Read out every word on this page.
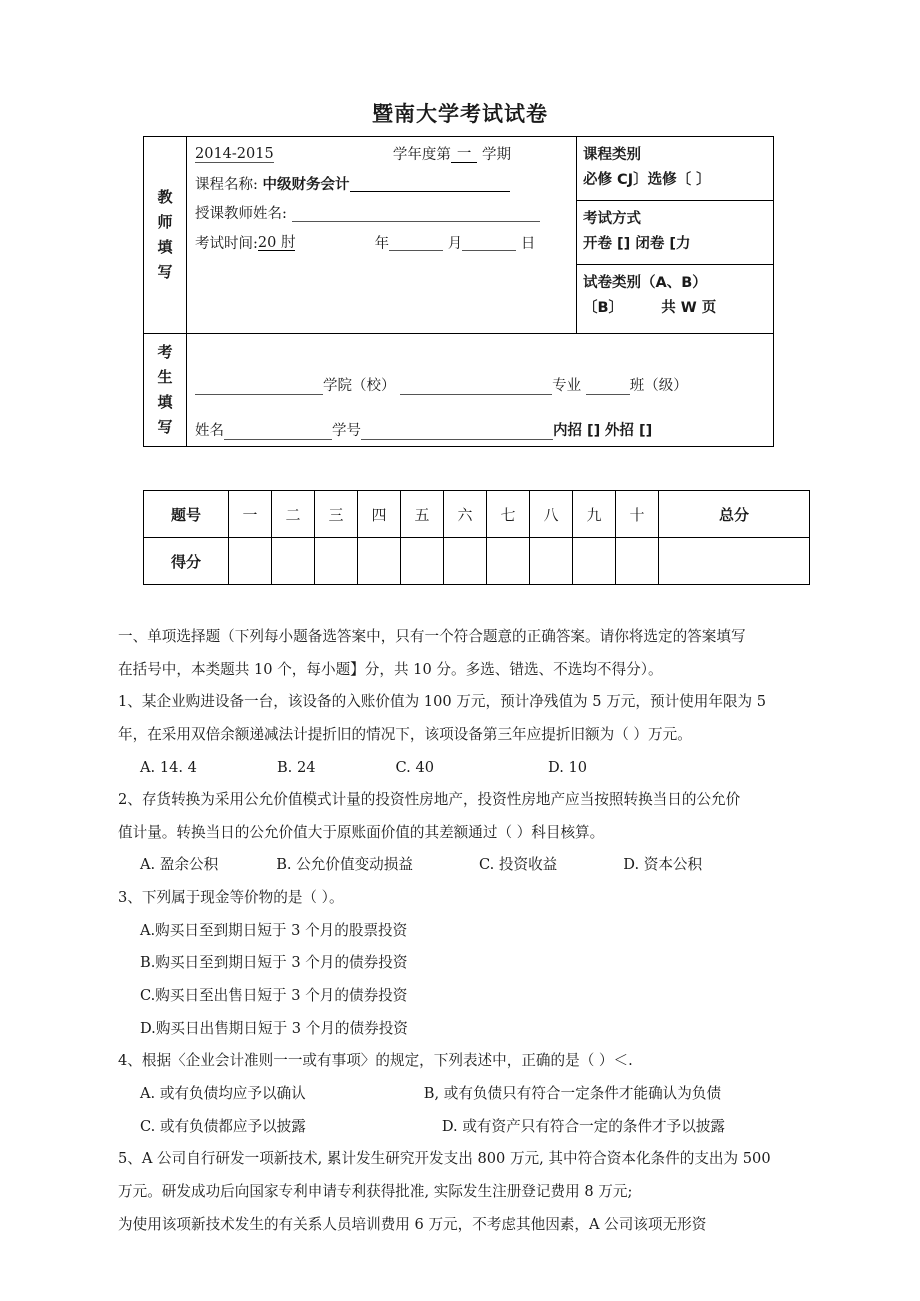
暨南大学考试试卷
教
师
填
写

2014-2015	学年度第 一 学期
课程名称: 中级财务会计
授课教师姓名:
考试时间:20 肘	年	月	日

课程类别
必修 CJ〕选修〔 〕
考试方式
开卷 [] 闭卷 [力
试卷类别（A、B）
〔B〕	共 W 页

考
生
填
写

学院（校）	专业	班（级）
姓名	学号	内招 [] 外招 []
题号	一	二	三	四	五	六	七	八	九	十	总分
得分											
一、单项选择题（下列每小题备选答案中，只有一个符合题意的正确答案。请你将选定的答案填写
在括号中，本类题共 10 个，每小题】分，共 10 分。多选、错选、不选均不得分）。
1、某企业购进设备一台，该设备的入账价值为 100 万元，预计净残值为 5 万元，预计使用年限为 5
年，在采用双倍余额递减法计提折旧的情况下，该项设备第三年应提折旧额为（ ）万元。
A. 14. 4	B. 24	C. 40	D. 10
2、存货转换为采用公允价值模式计量的投资性房地产，投资性房地产应当按照转换当日的公允价
值计量。转换当日的公允价值大于原账面价值的其差额通过（ ）科目核算。
A. 盈余公积	B. 公允价值变动损益	C. 投资收益	D. 资本公积
3、下列属于现金等价物的是（ ）。
A.购买日至到期日短于 3 个月的股票投资
B.购买日至到期日短于 3 个月的债券投资
C.购买日至出售日短于 3 个月的债券投资
D.购买日出售期日短于 3 个月的债券投资
4、根据〈企业会计准则一一或有事项〉的规定，下列表述中，正确的是（ ）＜.
A. 或有负债均应予以确认	B, 或有负债只有符合一定条件才能确认为负债
C. 或有负债都应予以披露	D. 或有资产只有符合一定的条件才予以披露
5、A 公司自行研发一项新技术, 累计发生研究开发支出 800 万元, 其中符合资本化条件的支出为 500
万元。研发成功后向国家专利申请专利获得批准, 实际发生注册登记费用 8 万元;
为使用该项新技术发生的有关系人员培训费用 6 万元，不考虑其他因素，A 公司该项无形资
